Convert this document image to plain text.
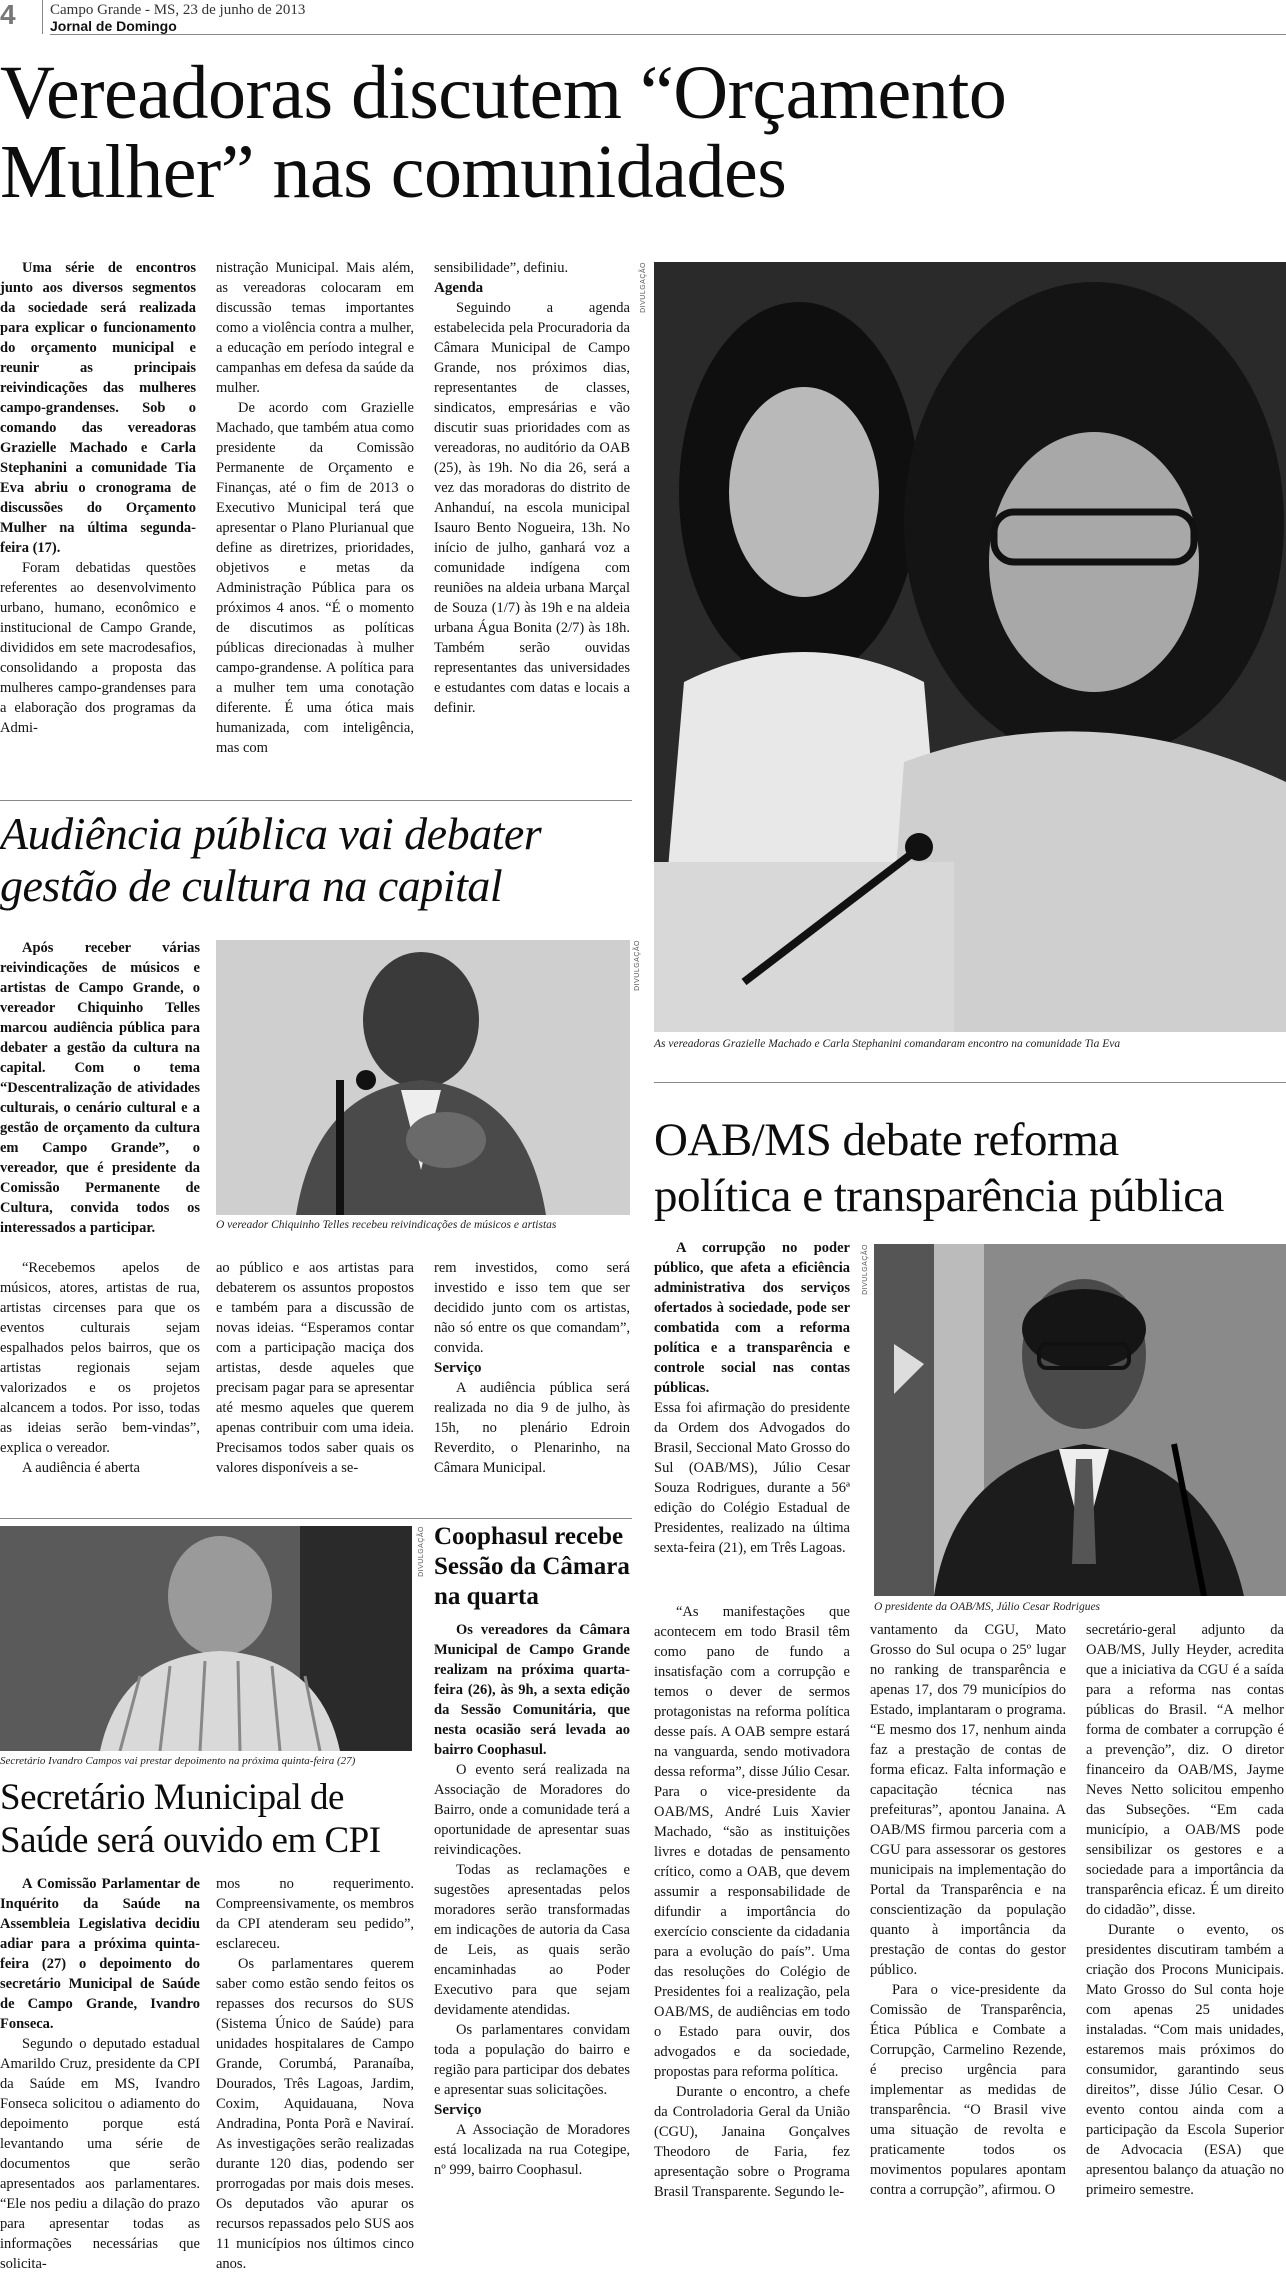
4 Campo Grande - MS, 23 de junho de 2013
Jornal de Domingo
Vereadoras discutem “Orçamento
Mulher” nas comunidades

Uma série de encontros junto aos diversos segmentos da sociedade será realizada para explicar o funcionamento do orçamento municipal e reunir as principais reivindicações das mulheres campo-grandenses. Sob o comando das vereadoras Grazielle Machado e Carla Stephanini a comunidade Tia Eva abriu o cronograma de discussões do Orçamento Mulher na última segunda-feira (17).

Foram debatidas questões referentes ao desenvolvimento urbano, humano, econômico e institucional de Campo Grande, divididos em sete macrodesafios, consolidando a proposta das mulheres campo-grandenses para a elaboração dos programas da Admi-

nistração Municipal. Mais além, as vereadoras colocaram em discussão temas importantes como a violência contra a mulher, a educação em período integral e campanhas em defesa da saúde da mulher.

De acordo com Grazielle Machado, que também atua como presidente da Comissão Permanente de Orçamento e Finanças, até o fim de 2013 o Executivo Municipal terá que apresentar o Plano Plurianual que define as diretrizes, prioridades, objetivos e metas da Administração Pública para os próximos 4 anos. “É o momento de discutimos as políticas públicas direcionadas à mulher campo-grandense. A política para a mulher tem uma conotação diferente. É uma ótica mais humanizada, com inteligência, mas com

sensibilidade”, definiu.

Agenda

Seguindo a agenda estabelecida pela Procuradoria da Câmara Municipal de Campo Grande, nos próximos dias, representantes de classes, sindicatos, empresárias e vão discutir suas prioridades com as vereadoras, no auditório da OAB (25), às 19h. No dia 26, será a vez das moradoras do distrito de Anhanduí, na escola municipal Isauro Bento Nogueira, 13h. No início de julho, ganhará voz a comunidade indígena com reuniões na aldeia urbana Marçal de Souza (1/7) às 19h e na aldeia urbana Água Bonita (2/7) às 18h. Também serão ouvidas representantes das universidades e estudantes com datas e locais a definir.

DIVULGAÇÃO
As vereadoras Grazielle Machado e Carla Stephanini comandaram encontro na comunidade Tia Eva
Audiência pública vai debater
gestão de cultura na capital

Após receber várias reivindicações de músicos e artistas de Campo Grande, o vereador Chiquinho Telles marcou audiência pública para debater a gestão da cultura na capital. Com o tema “Descentralização de atividades culturais, o cenário cultural e a gestão de orçamento da cultura em Campo Grande”, o vereador, que é presidente da Comissão Permanente de Cultura, convida todos os interessados a participar.

DIVULGAÇÃO
O vereador Chiquinho Telles recebeu reivindicações de músicos e artistas

“Recebemos apelos de músicos, atores, artistas de rua, artistas circenses para que os eventos culturais sejam espalhados pelos bairros, que os artistas regionais sejam valorizados e os projetos alcancem a todos. Por isso, todas as ideias serão bem-vindas”, explica o vereador.

A audiência é aberta

ao público e aos artistas para debaterem os assuntos propostos e também para a discussão de novas ideias. “Esperamos contar com a participação maciça dos artistas, desde aqueles que precisam pagar para se apresentar até mesmo aqueles que querem apenas contribuir com uma ideia. Precisamos todos saber quais os valores disponíveis a se-

rem investidos, como será investido e isso tem que ser decidido junto com os artistas, não só entre os que comandam”, convida.

Serviço

A audiência pública será realizada no dia 9 de julho, às 15h, no plenário Edroin Reverdito, o Plenarinho, na Câmara Municipal.

DIVULGAÇÃO
Secretário Ivandro Campos vai prestar depoimento na próxima quinta-feira (27)
Secretário Municipal de
Saúde será ouvido em CPI

A Comissão Parlamentar de Inquérito da Saúde na Assembleia Legislativa decidiu adiar para a próxima quinta-feira (27) o depoimento do secretário Municipal de Saúde de Campo Grande, Ivandro Fonseca.

Segundo o deputado estadual Amarildo Cruz, presidente da CPI da Saúde em MS, Ivandro Fonseca solicitou o adiamento do depoimento porque está levantando uma série de documentos que serão apresentados aos parlamentares. “Ele nos pediu a dilação do prazo para apresentar todas as informações necessárias que solicita-

mos no requerimento. Compreensivamente, os membros da CPI atenderam seu pedido”, esclareceu.

Os parlamentares querem saber como estão sendo feitos os repasses dos recursos do SUS (Sistema Único de Saúde) para unidades hospitalares de Campo Grande, Corumbá, Paranaíba, Dourados, Três Lagoas, Jardim, Coxim, Aquidauana, Nova Andradina, Ponta Porã e Naviraí. As investigações serão realizadas durante 120 dias, podendo ser prorrogadas por mais dois meses. Os deputados vão apurar os recursos repassados pelo SUS aos 11 municípios nos últimos cinco anos.

Coophasul recebe
Sessão da Câmara
na quarta

Os vereadores da Câmara Municipal de Campo Grande realizam na próxima quarta-feira (26), às 9h, a sexta edição da Sessão Comunitária, que nesta ocasião será levada ao bairro Coophasul.

O evento será realizada na Associação de Moradores do Bairro, onde a comunidade terá a oportunidade de apresentar suas reivindicações.

Todas as reclamações e sugestões apresentadas pelos moradores serão transformadas em indicações de autoria da Casa de Leis, as quais serão encaminhadas ao Poder Executivo para que sejam devidamente atendidas.

Os parlamentares convidam toda a população do bairro e região para participar dos debates e apresentar suas solicitações.

Serviço

A Associação de Moradores está localizada na rua Cotegipe, nº 999, bairro Coophasul.

OAB/MS debate reforma
política e transparência pública

A corrupção no poder público, que afeta a eficiência administrativa dos serviços ofertados à sociedade, pode ser combatida com a reforma política e a transparência e controle social nas contas públicas.

Essa foi afirmação do presidente da Ordem dos Advogados do Brasil, Seccional Mato Grosso do Sul (OAB/MS), Júlio Cesar Souza Rodrigues, durante a 56ª edição do Colégio Estadual de Presidentes, realizado na última sexta-feira (21), em Três Lagoas.

DIVULGAÇÃO
O presidente da OAB/MS, Júlio Cesar Rodrigues

“As manifestações que acontecem em todo Brasil têm como pano de fundo a insatisfação com a corrupção e temos o dever de sermos protagonistas na reforma política desse país. A OAB sempre estará na vanguarda, sendo motivadora dessa reforma”, disse Júlio Cesar. Para o vice-presidente da OAB/MS, André Luis Xavier Machado, “são as instituições livres e dotadas de pensamento crítico, como a OAB, que devem assumir a responsabilidade de difundir a importância do exercício consciente da cidadania para a evolução do país”. Uma das resoluções do Colégio de Presidentes foi a realização, pela OAB/MS, de audiências em todo o Estado para ouvir, dos advogados e da sociedade, propostas para reforma política.

Durante o encontro, a chefe da Controladoria Geral da União (CGU), Janaina Gonçalves Theodoro de Faria, fez apresentação sobre o Programa Brasil Transparente. Segundo le-

vantamento da CGU, Mato Grosso do Sul ocupa o 25º lugar no ranking de transparência e apenas 17, dos 79 municípios do Estado, implantaram o programa. “E mesmo dos 17, nenhum ainda faz a prestação de contas de forma eficaz. Falta informação e capacitação técnica nas prefeituras”, apontou Janaina. A OAB/MS firmou parceria com a CGU para assessorar os gestores municipais na implementação do Portal da Transparência e na conscientização da população quanto à importância da prestação de contas do gestor público.

Para o vice-presidente da Comissão de Transparência, Ética Pública e Combate a Corrupção, Carmelino Rezende, é preciso urgência para implementar as medidas de transparência. “O Brasil vive uma situação de revolta e praticamente todos os movimentos populares apontam contra a corrupção”, afirmou. O

secretário-geral adjunto da OAB/MS, Jully Heyder, acredita que a iniciativa da CGU é a saída para a reforma nas contas públicas do Brasil. “A melhor forma de combater a corrupção é a prevenção”, diz. O diretor financeiro da OAB/MS, Jayme Neves Netto solicitou empenho das Subseções. “Em cada município, a OAB/MS pode sensibilizar os gestores e a sociedade para a importância da transparência eficaz. É um direito do cidadão”, disse.

Durante o evento, os presidentes discutiram também a criação dos Procons Municipais. Mato Grosso do Sul conta hoje com apenas 25 unidades instaladas. “Com mais unidades, estaremos mais próximos do consumidor, garantindo seus direitos”, disse Júlio Cesar. O evento contou ainda com a participação da Escola Superior de Advocacia (ESA) que apresentou balanço da atuação no primeiro semestre.
